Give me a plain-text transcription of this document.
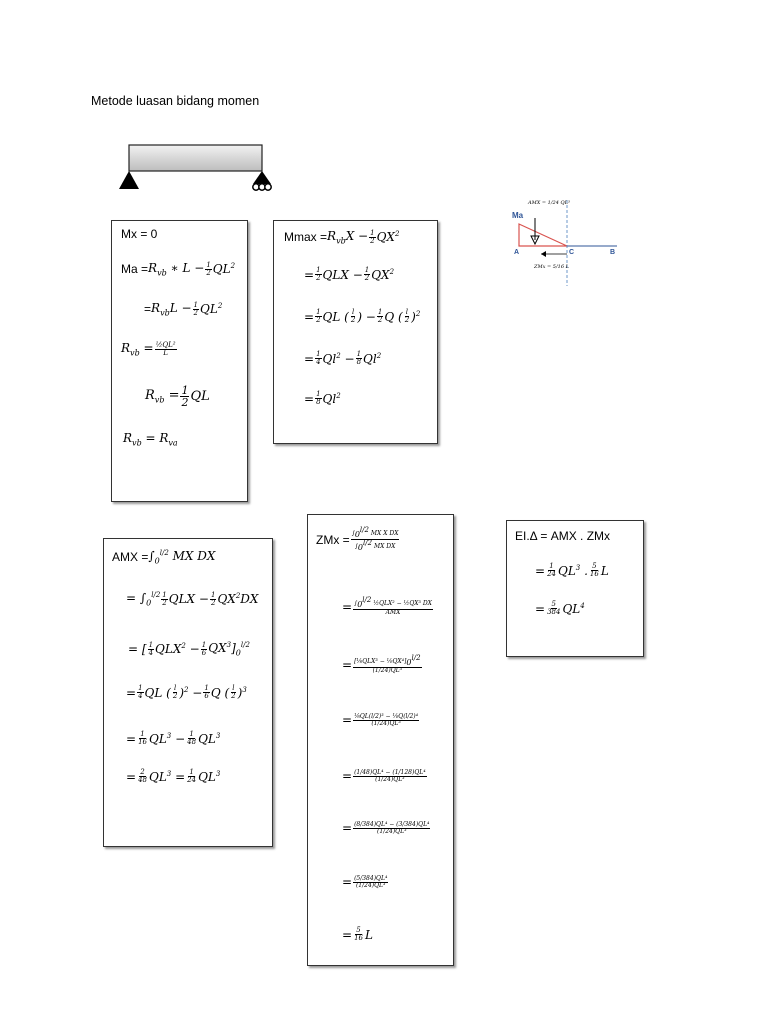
Metode luasan bidang momen
Ma
A	C	B
AMX = 1/24 QL³
ZMx = 5/16 L
Mx = 0
$Ma = R_{vb}$ ∗ $L - \frac{1}{2} QL^2$
= $R_{vb}L - \frac{1}{2} QL^2$
$R_{vb} = \frac{\text{½QL²}}{L}$
$R_{vb} = \frac{1}{2}$ QL
$R_{vb} = R_{va}$
$Mmax = R_{vb}X - \frac{1}{2} QX^2$
= $\frac{1}{2}$ QLX − $\frac{1}{2} QX^2$
= $\frac{1}{2}$ QL ( l
2 ) − $\frac{1}{2}$ Q ( l
2 )$^2$
= $\frac{1}{4} Ql^2 - \frac{1}{8} Ql^2$
= $\frac{1}{8} Ql^2$
AMX = $\int_0^{l/2}$ MX DX
= $\int_0^{l/2}$ 1
2 QLX − $\frac{1}{2} QX^2DX$
= [ 1
4 $QLX^2 - \frac{1}{6} QX^3]_0^{l/2}$
= $\frac{1}{4}$ QL ( l
2 )$^2 - \frac{1}{6}$ Q ( l
2 )$^3$
= $\frac{1}{16} QL^3 - \frac{1}{48} QL^3$
= $\frac{2}{48} QL^3 = \frac{1}{24} QL^3$
ZMx = $\frac{\int_0^{l/2} MX X DX}{\int_0^{l/2} MX DX}$
= $\int_0^{l/2}$ ½QLX² − ½QX³ DX
AMX
= [⅙QLX³ − $\frac{1}{8}QX^4]_0^{l/2}$
(1/24)QL³
= $\frac{\text{⅙QL(l/2)³ − ⅛Q(l/2)⁴}}{\text{(1/24)QL³}}$
= $\frac{\text{(1/48)QL⁴ − (1/128)QL⁴}}{\text{(1/24)QL³}}$
= $\frac{\text{(8/384)QL⁴ − (3/384)QL⁴}}{\text{(1/24)QL³}}$
= $\frac{\text{(5/384)QL⁴}}{\text{(1/24)QL³}}$
= $\frac{5}{16}$ L
EI.Δ = AMX . ZMx
= $\frac{1}{24} QL^3$ . 5
16 L
= $\frac{5}{384} QL^4$
